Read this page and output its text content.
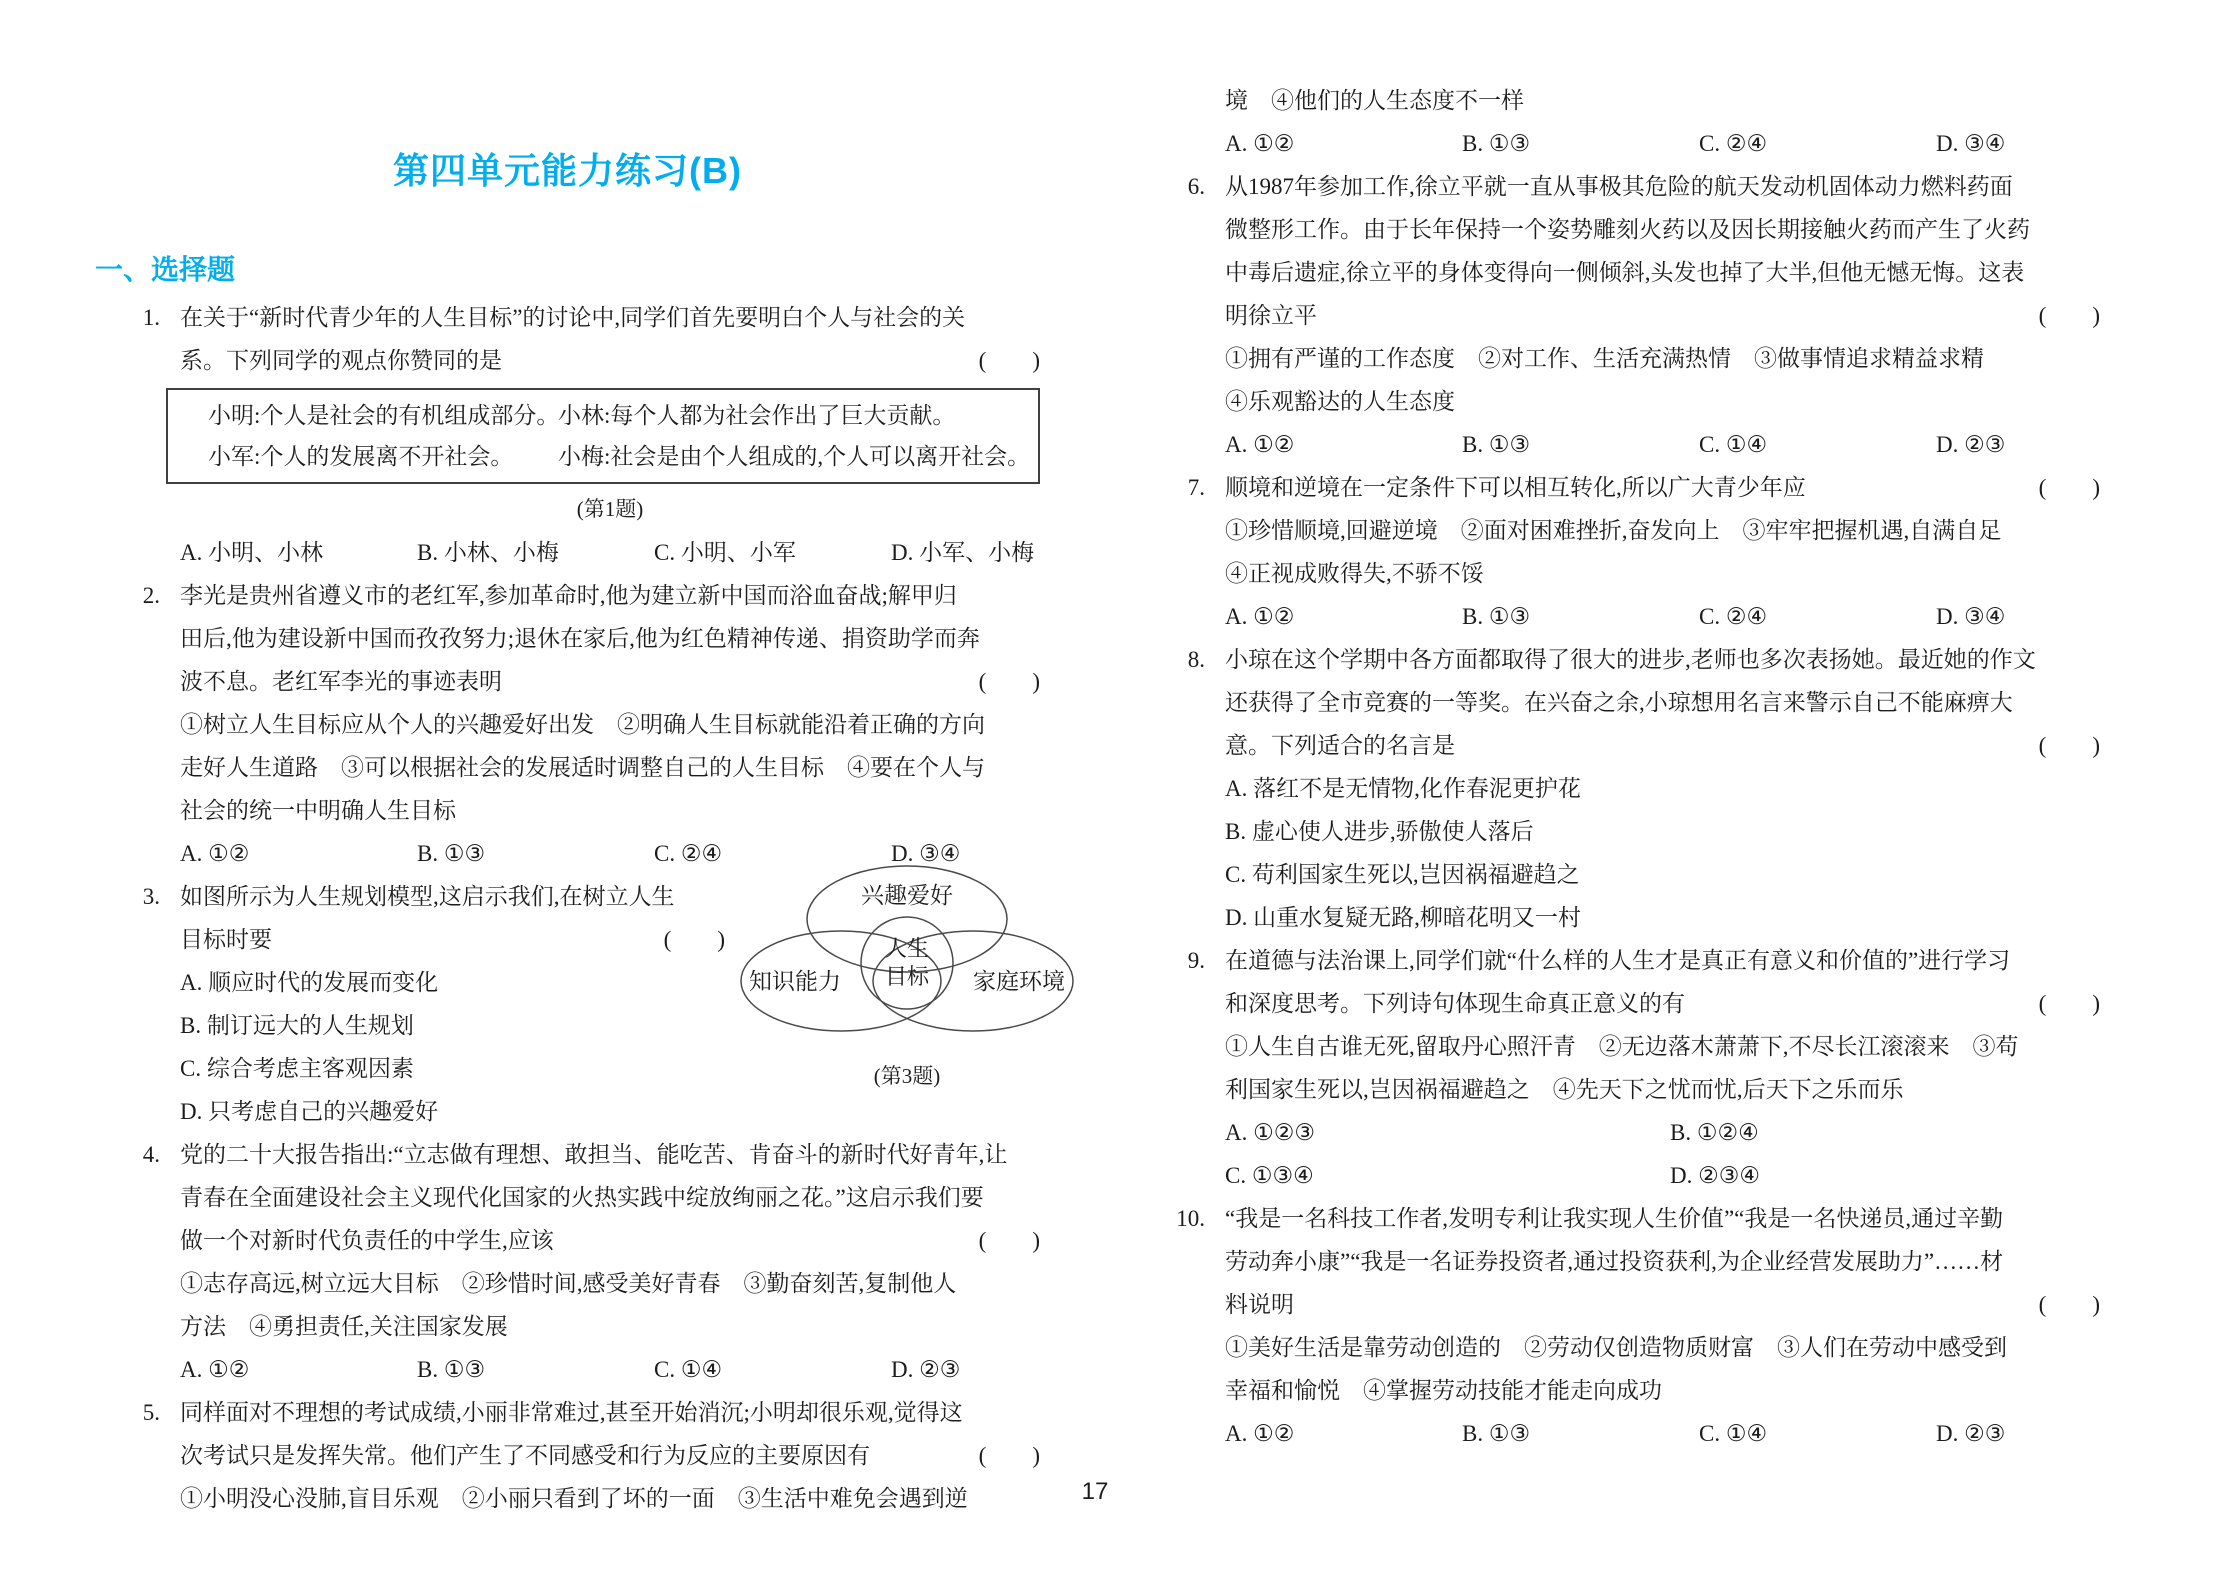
第四单元能力练习(B)
一、选择题
1. 在关于“新时代青少年的人生目标”的讨论中,同学们首先要明白个人与社会的关
系。下列同学的观点你赞同的是	(　　)
小明:个人是社会的有机组成部分。
小林:每个人都为社会作出了巨大贡献。
小军:个人的发展离不开社会。	小梅:社会是由个人组成的,个人可以离开社会。
(第1题)
A. 小明、小林	B. 小林、小梅	C. 小明、小军	D. 小军、小梅
2. 李光是贵州省遵义市的老红军,参加革命时,他为建立新中国而浴血奋战;解甲归
田后,他为建设新中国而孜孜努力;退休在家后,他为红色精神传递、捐资助学而奔
波不息。老红军李光的事迹表明	(　　)
①树立人生目标应从个人的兴趣爱好出发　②明确人生目标就能沿着正确的方向
走好人生道路　③可以根据社会的发展适时调整自己的人生目标　④要在个人与
社会的统一中明确人生目标
A. ①②	B. ①③	C. ②④	D. ③④
3. 如图所示为人生规划模型,这启示我们,在树立人生
目标时要	(　　)
A. 顺应时代的发展而变化
B. 制订远大的人生规划
C. 综合考虑主客观因素
D. 只考虑自己的兴趣爱好
兴趣爱好
知识能力	家庭环境
人生
目标
(第3题)
4. 党的二十大报告指出:“立志做有理想、敢担当、能吃苦、肯奋斗的新时代好青年,让
青春在全面建设社会主义现代化国家的火热实践中绽放绚丽之花。”这启示我们要
做一个对新时代负责任的中学生,应该	(　　)
①志存高远,树立远大目标　②珍惜时间,感受美好青春　③勤奋刻苦,复制他人
方法　④勇担责任,关注国家发展
A. ①②	B. ①③	C. ①④	D. ②③
5. 同样面对不理想的考试成绩,小丽非常难过,甚至开始消沉;小明却很乐观,觉得这
次考试只是发挥失常。他们产生了不同感受和行为反应的主要原因有	(　　)
①小明没心没肺,盲目乐观　②小丽只看到了坏的一面　③生活中难免会遇到逆
境　④他们的人生态度不一样
A. ①②	B. ①③	C. ②④	D. ③④
6. 从1987年参加工作,徐立平就一直从事极其危险的航天发动机固体动力燃料药面
微整形工作。由于长年保持一个姿势雕刻火药以及因长期接触火药而产生了火药
中毒后遗症,徐立平的身体变得向一侧倾斜,头发也掉了大半,但他无憾无悔。这表
明徐立平	(　　)
①拥有严谨的工作态度　②对工作、生活充满热情　③做事情追求精益求精
④乐观豁达的人生态度
A. ①②	B. ①③	C. ①④	D. ②③
7. 顺境和逆境在一定条件下可以相互转化,所以广大青少年应	(　　)
①珍惜顺境,回避逆境　②面对困难挫折,奋发向上　③牢牢把握机遇,自满自足
④正视成败得失,不骄不馁
A. ①②	B. ①③	C. ②④	D. ③④
8. 小琼在这个学期中各方面都取得了很大的进步,老师也多次表扬她。最近她的作文
还获得了全市竞赛的一等奖。在兴奋之余,小琼想用名言来警示自己不能麻痹大
意。下列适合的名言是	(　　)
A. 落红不是无情物,化作春泥更护花
B. 虚心使人进步,骄傲使人落后
C. 苟利国家生死以,岂因祸福避趋之
D. 山重水复疑无路,柳暗花明又一村
9. 在道德与法治课上,同学们就“什么样的人生才是真正有意义和价值的”进行学习
和深度思考。下列诗句体现生命真正意义的有	(　　)
①人生自古谁无死,留取丹心照汗青　②无边落木萧萧下,不尽长江滚滚来　③苟
利国家生死以,岂因祸福避趋之　④先天下之忧而忧,后天下之乐而乐
A. ①②③	B. ①②④
C. ①③④	D. ②③④
10. “我是一名科技工作者,发明专利让我实现人生价值”“我是一名快递员,通过辛勤
劳动奔小康”“我是一名证券投资者,通过投资获利,为企业经营发展助力”……材
料说明	(　　)
①美好生活是靠劳动创造的　②劳动仅创造物质财富　③人们在劳动中感受到
幸福和愉悦　④掌握劳动技能才能走向成功
A. ①②	B. ①③	C. ①④	D. ②③
17
